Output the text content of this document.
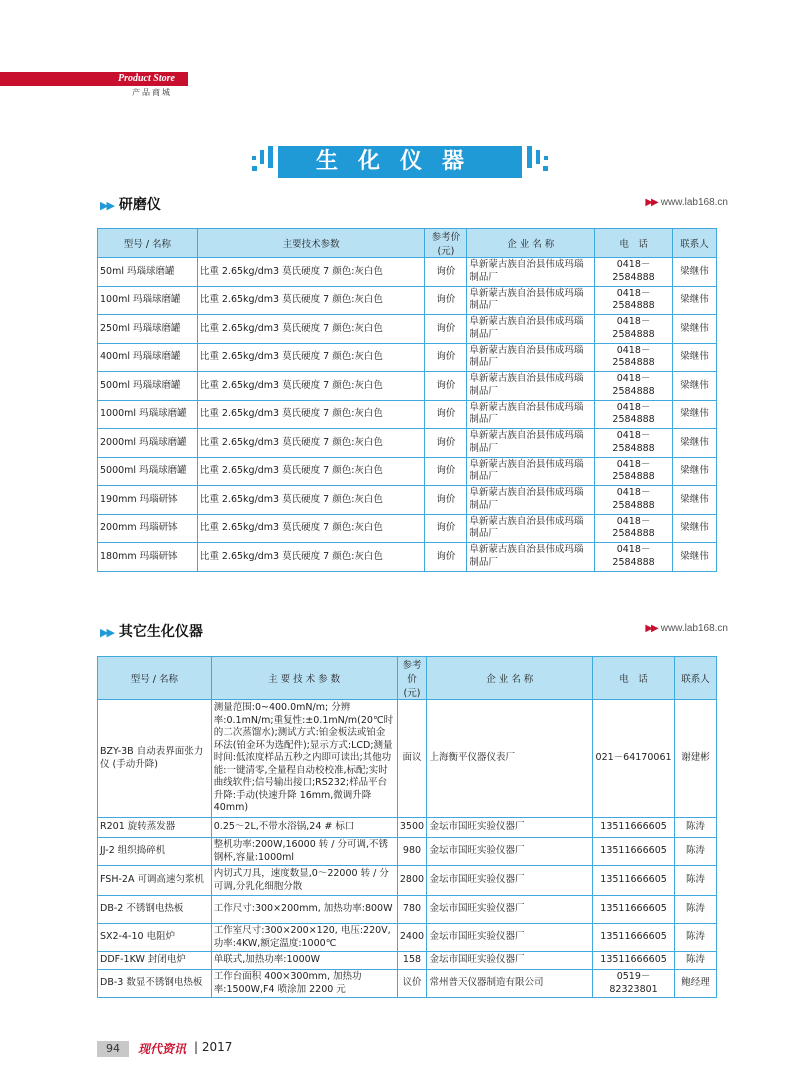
Product Store
产品商城
生化仪器
▶▶ 研磨仪	▶▶ www.lab168.cn
型号 / 名称	主要技术参数	参考价 (元)	企 业 名 称	电　话	联系人
50ml 玛瑙球磨罐	比重 2.65kg/dm3 莫氏硬度 7 颜色:灰白色	询价	阜新蒙古族自治县伟成玛瑙制品厂	0418－2584888	梁继伟
100ml 玛瑙球磨罐	比重 2.65kg/dm3 莫氏硬度 7 颜色:灰白色	询价	阜新蒙古族自治县伟成玛瑙制品厂	0418－2584888	梁继伟
250ml 玛瑙球磨罐	比重 2.65kg/dm3 莫氏硬度 7 颜色:灰白色	询价	阜新蒙古族自治县伟成玛瑙制品厂	0418－2584888	梁继伟
400ml 玛瑙球磨罐	比重 2.65kg/dm3 莫氏硬度 7 颜色:灰白色	询价	阜新蒙古族自治县伟成玛瑙制品厂	0418－2584888	梁继伟
500ml 玛瑙球磨罐	比重 2.65kg/dm3 莫氏硬度 7 颜色:灰白色	询价	阜新蒙古族自治县伟成玛瑙制品厂	0418－2584888	梁继伟
1000ml 玛瑙球磨罐	比重 2.65kg/dm3 莫氏硬度 7 颜色:灰白色	询价	阜新蒙古族自治县伟成玛瑙制品厂	0418－2584888	梁继伟
2000ml 玛瑙球磨罐	比重 2.65kg/dm3 莫氏硬度 7 颜色:灰白色	询价	阜新蒙古族自治县伟成玛瑙制品厂	0418－2584888	梁继伟
5000ml 玛瑙球磨罐	比重 2.65kg/dm3 莫氏硬度 7 颜色:灰白色	询价	阜新蒙古族自治县伟成玛瑙制品厂	0418－2584888	梁继伟
190mm 玛瑙研钵	比重 2.65kg/dm3 莫氏硬度 7 颜色:灰白色	询价	阜新蒙古族自治县伟成玛瑙制品厂	0418－2584888	梁继伟
200mm 玛瑙研钵	比重 2.65kg/dm3 莫氏硬度 7 颜色:灰白色	询价	阜新蒙古族自治县伟成玛瑙制品厂	0418－2584888	梁继伟
180mm 玛瑙研钵	比重 2.65kg/dm3 莫氏硬度 7 颜色:灰白色	询价	阜新蒙古族自治县伟成玛瑙制品厂	0418－2584888	梁继伟
▶▶ 其它生化仪器	▶▶ www.lab168.cn
型号 / 名称	主 要 技 术 参 数	参考价 (元)	企 业 名 称	电　话	联系人
BZY-3B 自动表界面张力仪 (手动升降)	测量范围:0~400.0mN/m; 分辨率:0.1mN/m;重复性:±0.1mN/m(20℃时的二次蒸馏水);测试方式:铂金板法或铂金环法(铂金环为选配件);显示方式:LCD;测量时间:低浓度样品五秒之内即可读出;其他功能:一键清零,全量程自动校校准,标配;实时曲线软件;信号输出接口;RS232;样品平台升降:手动(快速升降 16mm,微调升降 40mm)	面议	上海衡平仪器仪表厂	021－64170061	谢建彬
R201 旋转蒸发器	0.25～2L,不带水浴锅,24 # 标口	3500	金坛市国旺实验仪器厂	13511666605	陈涛
JJ-2 组织捣碎机	整机功率:200W,16000 转 / 分可调,不锈钢杯,容量:1000ml	980	金坛市国旺实验仪器厂	13511666605	陈涛
FSH-2A 可调高速匀浆机	内切式刀具，速度数显,0～22000 转 / 分可调,分乳化细胞分散	2800	金坛市国旺实验仪器厂	13511666605	陈涛
DB-2 不锈钢电热板	工作尺寸:300×200mm, 加热功率:800W	780	金坛市国旺实验仪器厂	13511666605	陈涛
SX2-4-10 电阻炉	工作室尺寸:300×200×120, 电压:220V,功率:4KW,额定温度:1000℃	2400	金坛市国旺实验仪器厂	13511666605	陈涛
DDF-1KW 封闭电炉	单联式,加热功率:1000W	158	金坛市国旺实验仪器厂	13511666605	陈涛
DB-3 数显不锈钢电热板	工作台面积 400×300mm, 加热功率:1500W,F4 喷涂加 2200 元	议价	常州普天仪器制造有限公司	0519－82323801	鲍经理
94	现代资讯 | 2017
